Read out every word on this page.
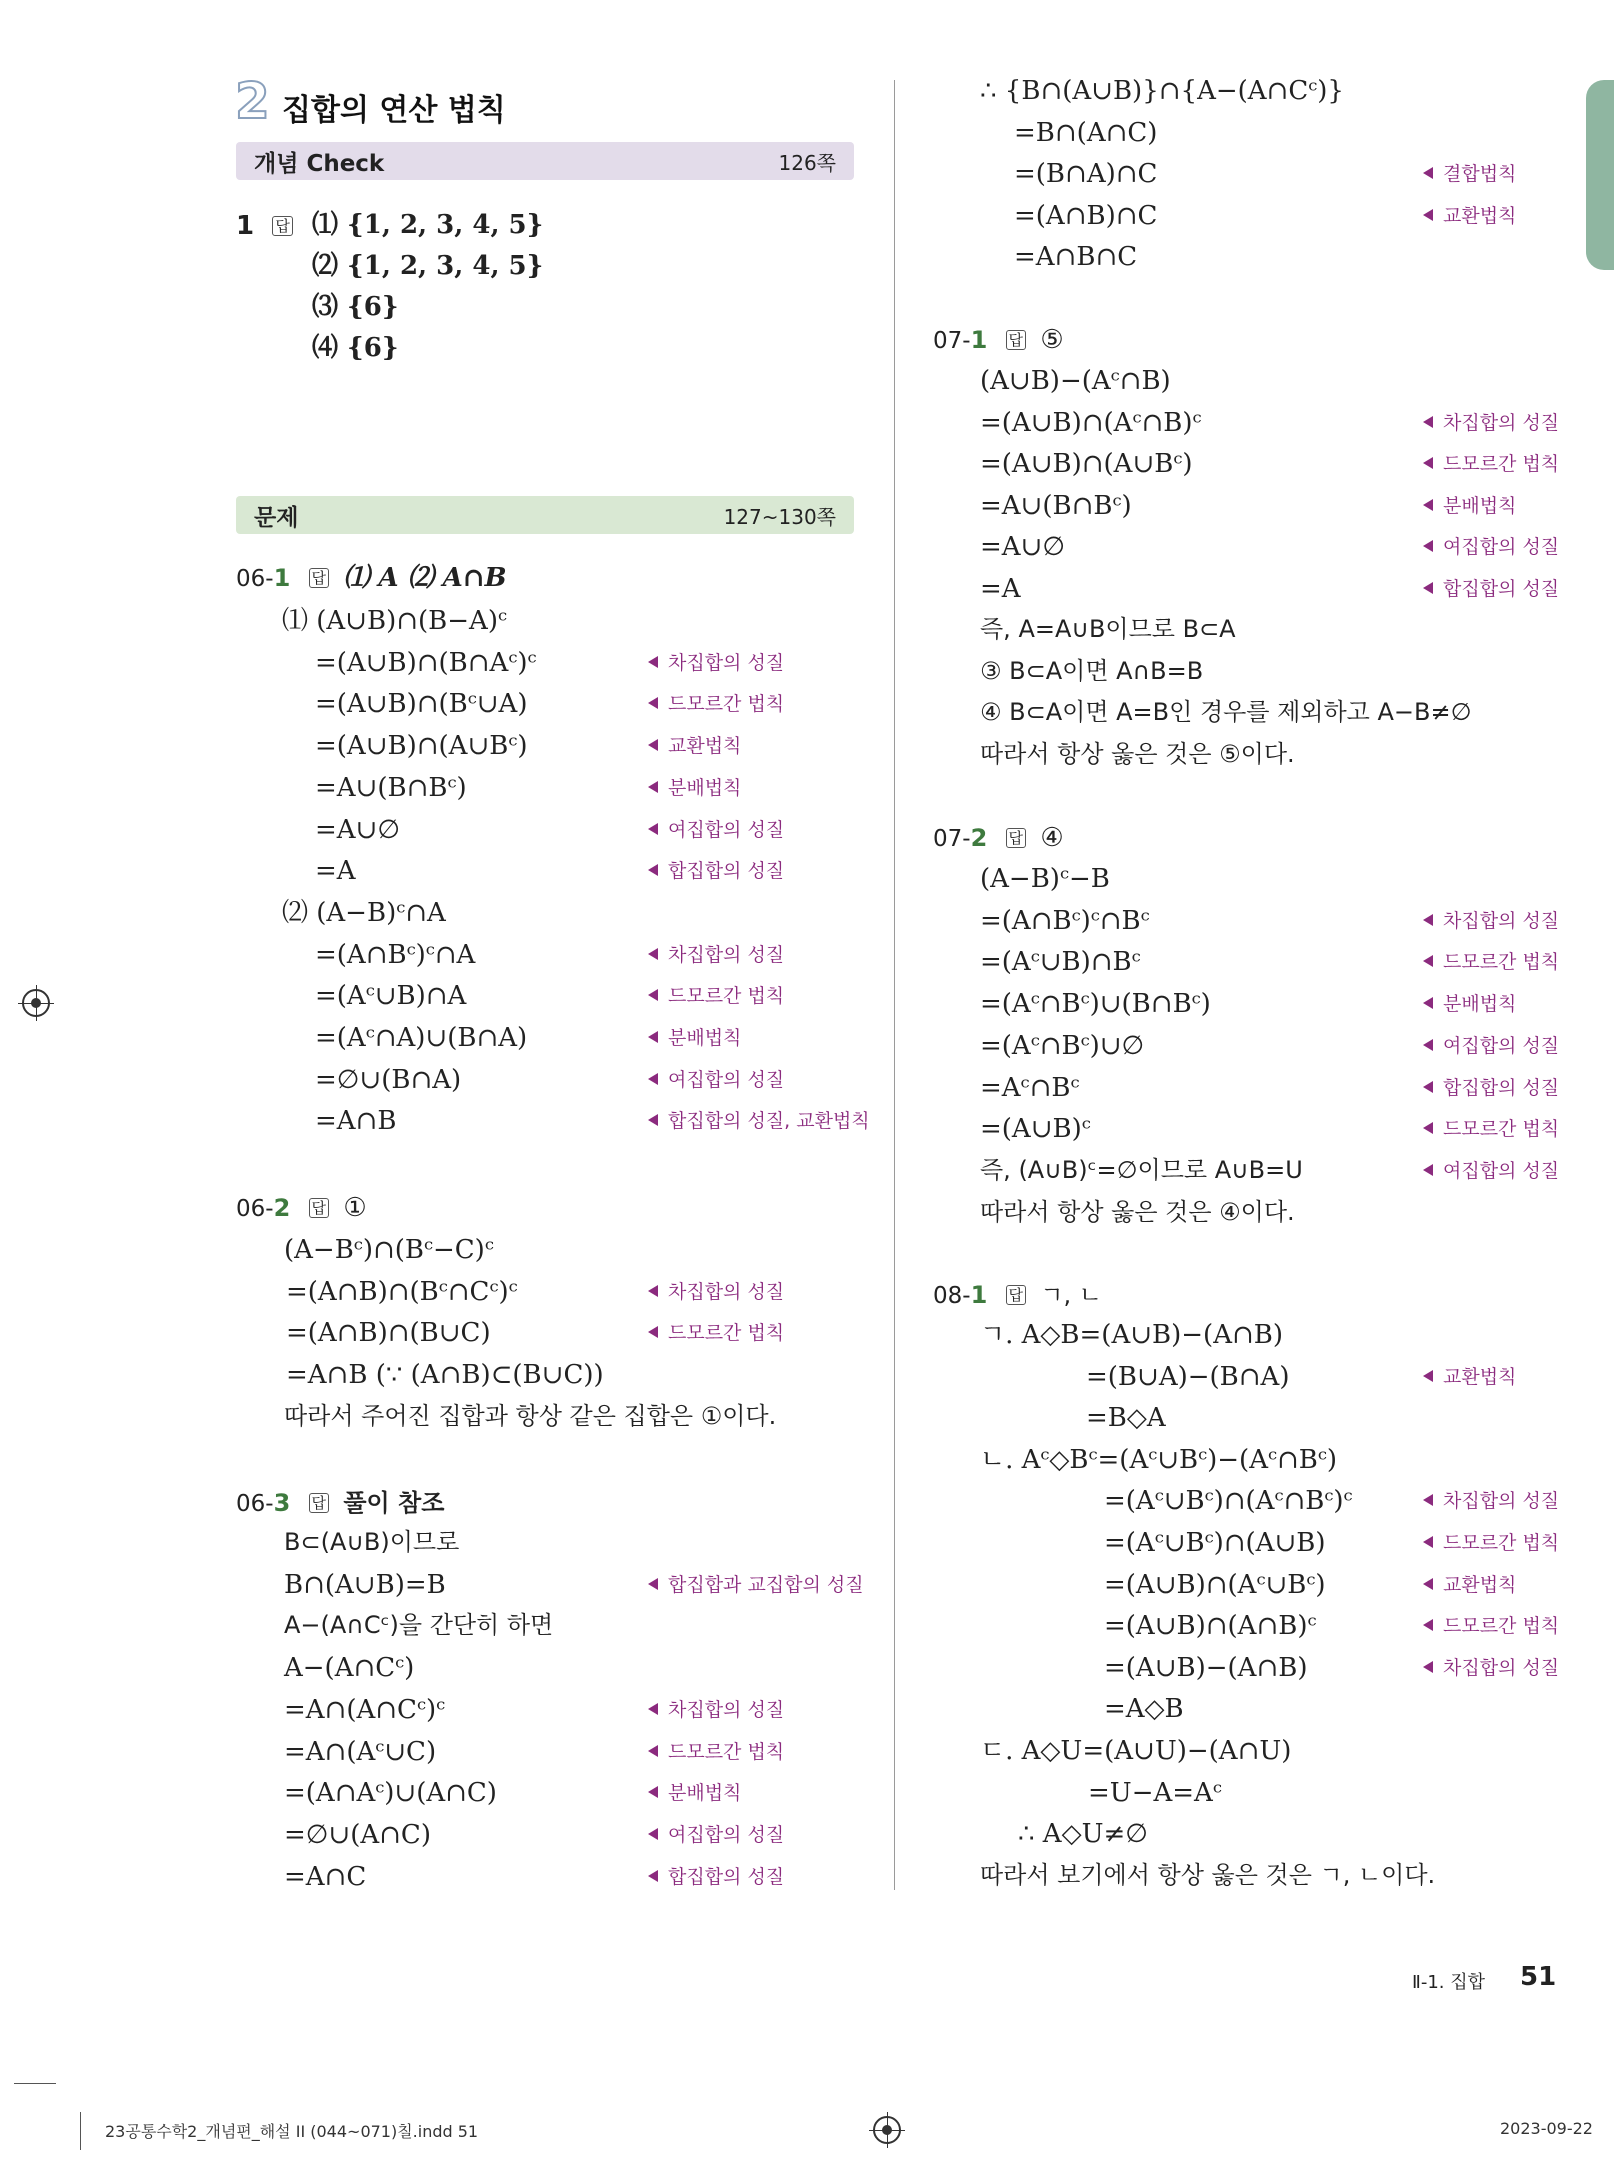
2 집합의 연산 법칙
개념 Check	126쪽
문제	127~130쪽
1 답 ⑴ {1, 2, 3, 4, 5}
⑵ {1, 2, 3, 4, 5}
⑶ {6}
⑷ {6}
06-1 답 ⑴ A ⑵ A∩B
⑴ (A∪B)∩(B−A)ᶜ
=(A∪B)∩(B∩Aᶜ)ᶜ	차집합의 성질
=(A∪B)∩(Bᶜ∪A)	드모르간 법칙
=(A∪B)∩(A∪Bᶜ)	교환법칙
=A∪(B∩Bᶜ)	분배법칙
=A∪∅	여집합의 성질
=A	합집합의 성질
⑵ (A−B)ᶜ∩A
=(A∩Bᶜ)ᶜ∩A	차집합의 성질
=(Aᶜ∪B)∩A	드모르간 법칙
=(Aᶜ∩A)∪(B∩A)	분배법칙
=∅∪(B∩A)	여집합의 성질
=A∩B	합집합의 성질, 교환법칙
06-2 답 ①
(A−Bᶜ)∩(Bᶜ−C)ᶜ
=(A∩B)∩(Bᶜ∩Cᶜ)ᶜ	차집합의 성질
=(A∩B)∩(B∪C)	드모르간 법칙
=A∩B (∵ (A∩B)⊂(B∪C))
따라서 주어진 집합과 항상 같은 집합은 ①이다.
06-3 답 풀이 참조
B⊂(A∪B)이므로
B∩(A∪B)=B	합집합과 교집합의 성질
A−(A∩Cᶜ)을 간단히 하면
A−(A∩Cᶜ)
=A∩(A∩Cᶜ)ᶜ	차집합의 성질
=A∩(Aᶜ∪C)	드모르간 법칙
=(A∩Aᶜ)∪(A∩C)	분배법칙
=∅∪(A∩C)	여집합의 성질
=A∩C	합집합의 성질
∴ {B∩(A∪B)}∩{A−(A∩Cᶜ)}
=B∩(A∩C)
=(B∩A)∩C	결합법칙
=(A∩B)∩C	교환법칙
=A∩B∩C
07-1 답 ⑤
(A∪B)−(Aᶜ∩B)
=(A∪B)∩(Aᶜ∩B)ᶜ	차집합의 성질
=(A∪B)∩(A∪Bᶜ)	드모르간 법칙
=A∪(B∩Bᶜ)	분배법칙
=A∪∅	여집합의 성질
=A	합집합의 성질
즉, A=A∪B이므로 B⊂A
③ B⊂A이면 A∩B=B
④ B⊂A이면 A=B인 경우를 제외하고 A−B≠∅
따라서 항상 옳은 것은 ⑤이다.
07-2 답 ④
(A−B)ᶜ−B
=(A∩Bᶜ)ᶜ∩Bᶜ	차집합의 성질
=(Aᶜ∪B)∩Bᶜ	드모르간 법칙
=(Aᶜ∩Bᶜ)∪(B∩Bᶜ)	분배법칙
=(Aᶜ∩Bᶜ)∪∅	여집합의 성질
=Aᶜ∩Bᶜ	합집합의 성질
=(A∪B)ᶜ	드모르간 법칙
즉, (A∪B)ᶜ=∅이므로 A∪B=U	여집합의 성질
따라서 항상 옳은 것은 ④이다.
08-1 답 ㄱ, ㄴ
ㄱ. A◇B=(A∪B)−(A∩B)
=(B∪A)−(B∩A)	교환법칙
=B◇A
ㄴ. Aᶜ◇Bᶜ=(Aᶜ∪Bᶜ)−(Aᶜ∩Bᶜ)
=(Aᶜ∪Bᶜ)∩(Aᶜ∩Bᶜ)ᶜ	차집합의 성질
=(Aᶜ∪Bᶜ)∩(A∪B)	드모르간 법칙
=(A∪B)∩(Aᶜ∪Bᶜ)	교환법칙
=(A∪B)∩(A∩B)ᶜ	드모르간 법칙
=(A∪B)−(A∩B)	차집합의 성질
=A◇B
ㄷ. A◇U=(A∪U)−(A∩U)
=U−A=Aᶜ
∴ A◇U≠∅
따라서 보기에서 항상 옳은 것은 ㄱ, ㄴ이다.
Ⅱ-1. 집합 51
23공통수학2_개념편_해설 II (044~071)칠.indd 51	2023-09-22
